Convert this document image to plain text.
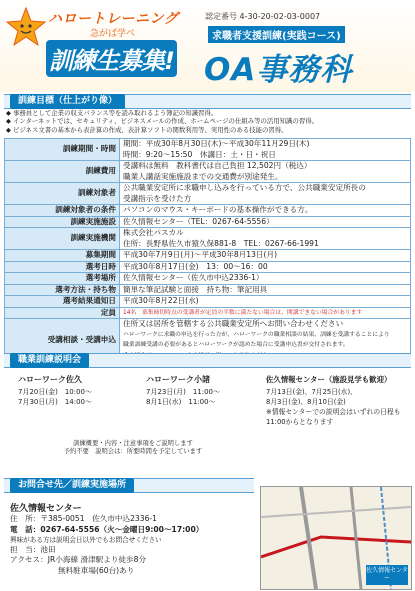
ハロートレーニング
急がば学べ
訓練生募集!
認定番号 4-30-20-02-03-0007
求職者支援訓練(実践コース)
OA事務科
訓練目標（仕上がり像）
◆ 事務員として企業の収支バランス等を読み取れるよう簿記の知識習得。
◆ インターネットでは、セキュリティ、ビジネスメールの作成、ホームページの仕組み等の活用知識の習得。
◆ ビジネス文書の基本から表計算の作成、表計算ソフトの関数利用等、実用性のある技能の習得。
訓練期間・時間	期間：平成30年8月30日(木)〜平成30年11月29日(木)
時間：9:20〜15:50　休講日：土・日・祝日

訓練費用	受講料は無料　教科書代は自己負担 12,502円（税込）
職業人講話実施施設までの交通費が別途発生。

訓練対象者	公共職業安定所に求職申し込みを行っている方で、公共職業安定所長の
受講指示を受けた方

訓練対象者の条件	パソコンのマウス・キーボードの基本操作ができる方。
訓練実施施設	佐久情報センター（TEL：0267-64-5556）
訓練実施機関	株式会社パスカル
住所：長野県佐久市猿久保881-8　TEL：0267-66-1991

募集期間	平成30年7月9日(月)〜平成30年8月13日(月)
選考日時	平成30年8月17日(金)　13：00〜16：00
選考場所	佐久情報センター（佐久市中込2336-1）
選考方法・持ち物	簡単な筆記試験と面接　持ち物：筆記用具
選考結果通知日	平成30年8月22日(水)
定員	14名　募集締切時点の受講者が定員の半数に満たない場合は、開講できない場合があります
受講相談・受講申込	住所又は居所を管轄する公共職業安定所へお問い合わせください
ハローワークに求職の申込を行った方が、ハローワークの職業相談の結果、訓練を受講することにより
職業訓練受講の必要があるとハローワークが認めた場合に受講申込書が交付されます。
職業訓練説明会
ハローワーク佐久
7月20日(金)　10:00〜
7月30日(月)　14:00〜
ハローワーク小諸
7月23日(月)　11:00〜
8月1日(水)　11:00〜
佐久情報センター（施設見学も歓迎）
7月13日(金)、7月25日(水)、
8月3日(金)、8月10日(金)
※情報センターでの説明会はいずれの日程も
11:00からとなります
訓練概要・内容・注意事項をご説明します
予約不要　説明会は：所要時間を予定しています
お問合せ先／訓練実施場所
佐久情報センター
住　所：〒385-0051　佐久市中込2336-1
電　話：0267-64-5556（火〜金曜日9:00〜17:00）
興味がある方は説明会日以外でもお問合せください
担　当：池田
アクセス：JR小海線 滑津駅より徒歩8分
無料駐車場(60台)あり	佐久情報センター
